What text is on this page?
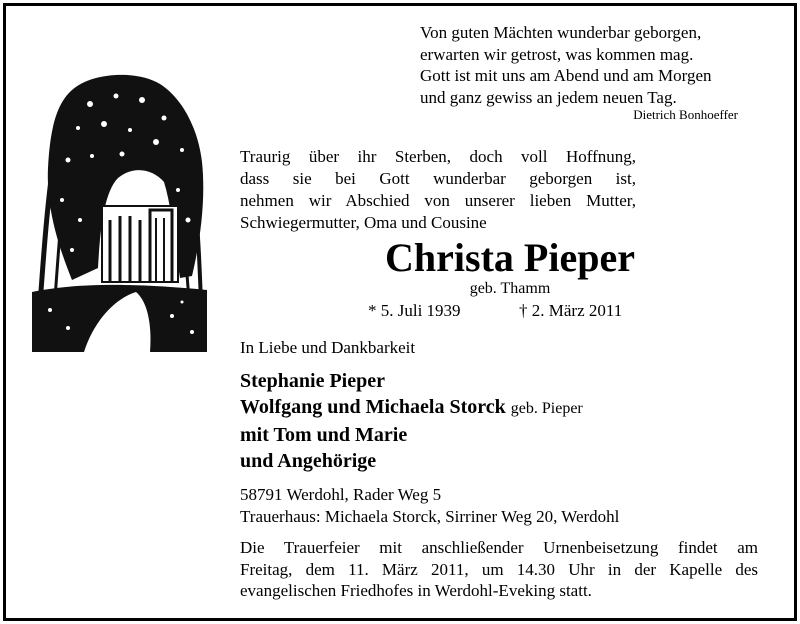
Von guten Mächten wunderbar geborgen,
erwarten wir getrost, was kommen mag.
Gott ist mit uns am Abend und am Morgen
und ganz gewiss an jedem neuen Tag.
Dietrich Bonhoeffer
Traurig über ihr Sterben, doch voll Hoffnung,
dass sie bei Gott wunderbar geborgen ist,
nehmen wir Abschied von unserer lieben Mutter,
Schwiegermutter, Oma und Cousine
Christa Pieper
geb. Thamm
* 5. Juli 1939	† 2. März 2011
In Liebe und Dankbarkeit
Stephanie Pieper
Wolfgang und Michaela Storck geb. Pieper
mit Tom und Marie
und Angehörige
58791 Werdohl, Rader Weg 5
Trauerhaus: Michaela Storck, Sirriner Weg 20, Werdohl
Die Trauerfeier mit anschließender Urnenbeisetzung findet am
Freitag, dem 11. März 2011, um 14.30 Uhr in der Kapelle des
evangelischen Friedhofes in Werdohl-Eveking statt.
